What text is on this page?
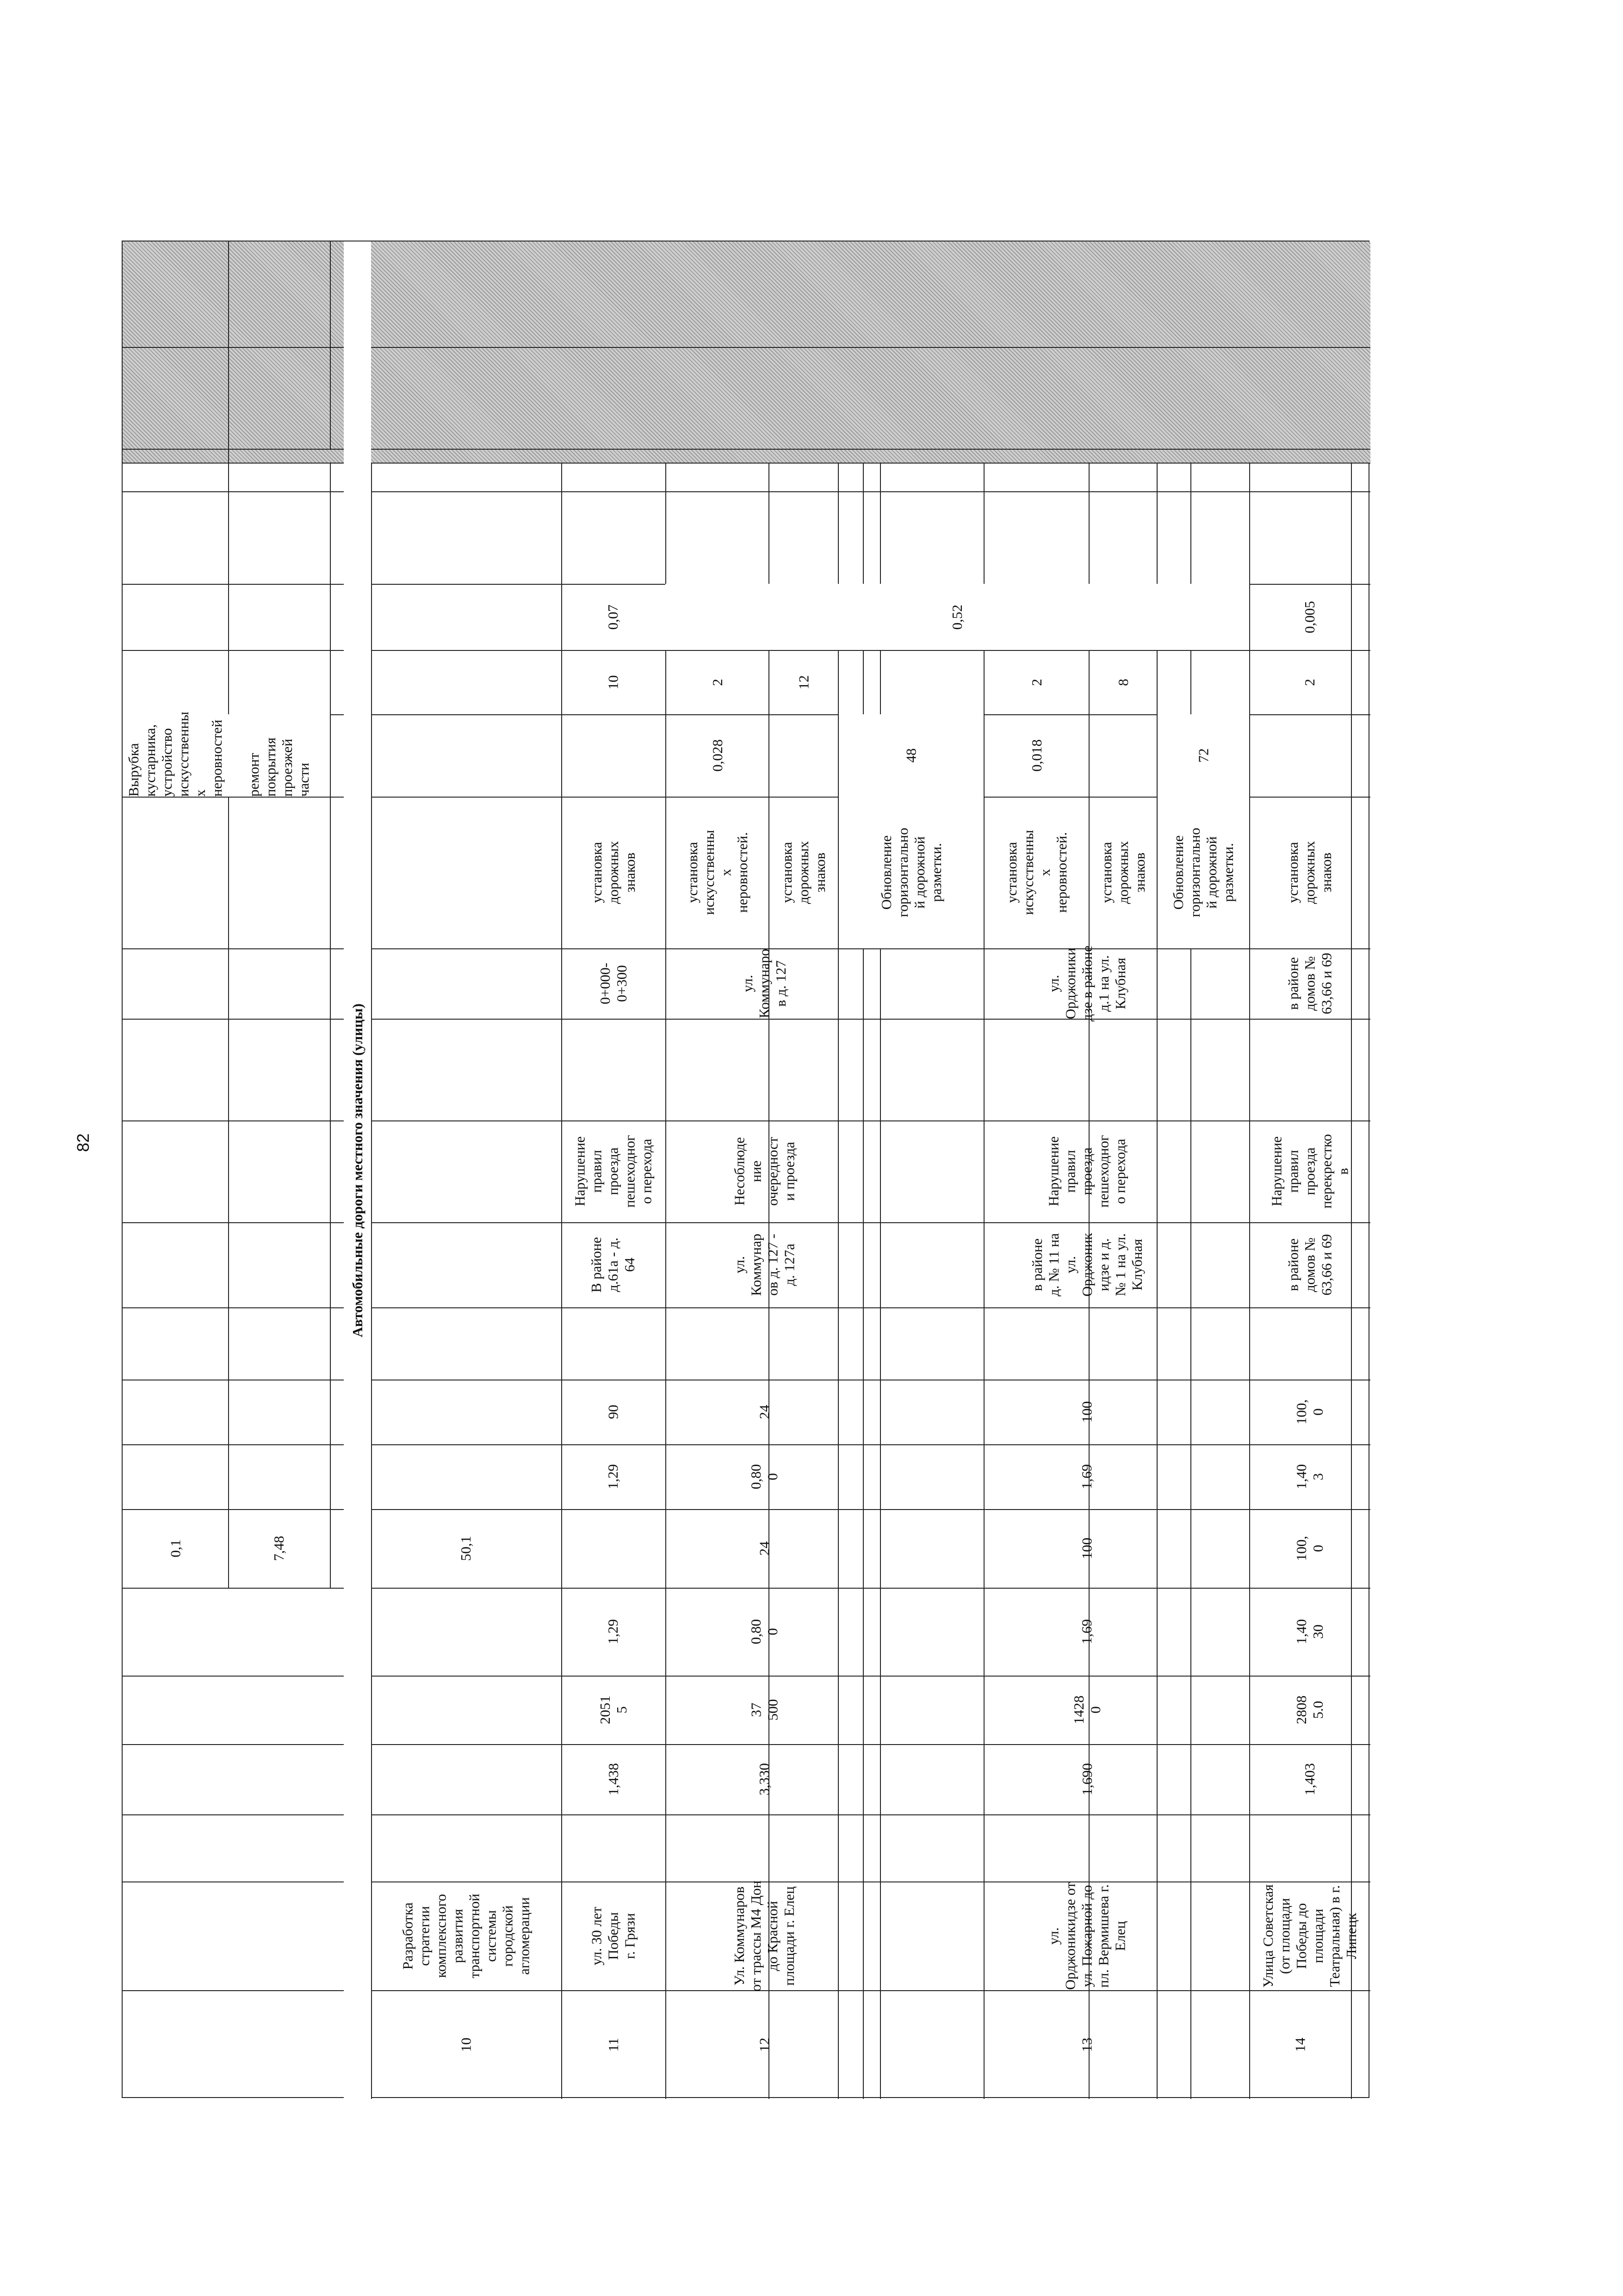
82
Вырубка
кустарника,
устройство
искусственны
х неровностей	ремонт
покрытия
проезжей
части
0,1	7,48
Автомобильные дороги местного значения (улицы)
10
Разработка
стратегии
комплексного
развития
транспортной
системы
городской
агломерации
50,1
11
ул. 30 лет Победы
г. Грязи
1,438
2051
5
1,29
1,29
90
В районе
д.61а - д.
64
Нарушение
правил
проезда
пешеходног
о перехода
0+000-
0+300
установка
дорожных
знаков
10
0,07
12
Ул. Коммунаров
от трассы М4 Дон
до Красной
площади г. Елец
3,330
37
500
0,80
0
24
0,80
0
24
ул.
Коммунар
ов д. 127 -
д. 127а
Несоблюде
ние
очередност
и проезда
ул.
Коммунаро
в д. 127
установка
искусственны
х
неровностей.
0,028
2
установка
дорожных
знаков
12
Обновление
горизонтально
й дорожной
разметки.
48
13
ул.
Орджоникидзе от
ул. Пожарной до
пл. Вермишева г.
Елец
1,690
1428
0
1,69
100
1,69
100
в районе
д. № 11 на
ул.
Орджоник
идзе и д.
№ 1 на ул.
Клубная
Нарушение
правил
проезда
пешеходног
о перехода
ул.
Орджоники
дзе в районе
д.1 на ул.
Клубная
установка
искусственны
х
неровностей.
0,018
2
установка
дорожных
знаков
8
Обновление
горизонтально
й дорожной
разметки.
72
0,52
14
Улица Советская
(от площади
Победы до
площади
Театральная) в г.
Липецк
1,403
2808
5.0
1,40
30
100,
0
1,40
3
100,
0
в районе
домов №
63,66 и 69
Нарушение
правил
проезда
перекрестко
в
в районе
домов №
63,66 и 69
установка
дорожных
знаков
2
0,005
